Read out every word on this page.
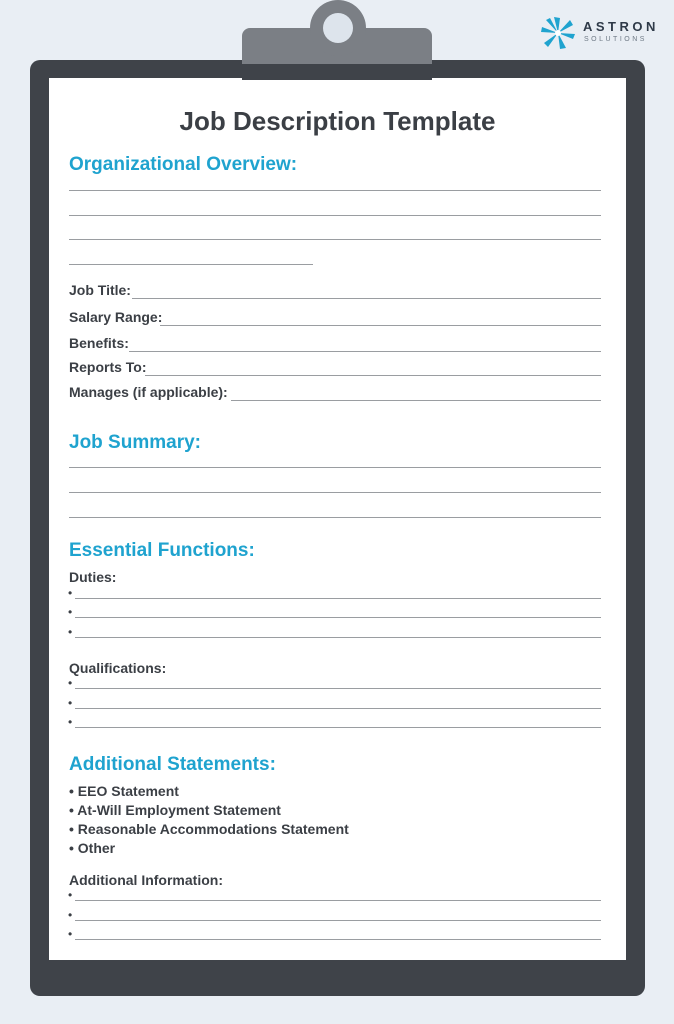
ASTRON
SOLUTIONS
Job Description Template
Organizational Overview:
Job Title:
Salary Range:
Benefits:
Reports To:
Manages (if applicable):
Job Summary:
Essential Functions:
Duties:
•
•
•
Qualifications:
•
•
•
Additional Statements:
• EEO Statement
• At-Will Employment Statement
• Reasonable Accommodations Statement
• Other
Additional Information:
•
•
•
